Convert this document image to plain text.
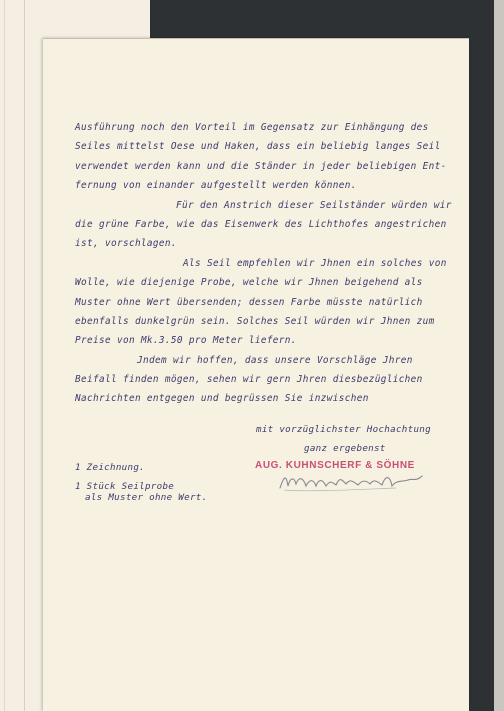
Ausführung noch den Vorteil im Gegensatz zur Einhängung des
Seiles mittelst Oese und Haken, dass ein beliebig langes Seil
verwendet werden kann und die Ständer in jeder beliebigen Ent-
fernung von einander aufgestellt werden können.
Für den Anstrich dieser Seilständer würden wir
die grüne Farbe, wie das Eisenwerk des Lichthofes angestrichen
ist, vorschlagen.
Als Seil empfehlen wir Jhnen ein solches von
Wolle, wie diejenige Probe, welche wir Jhnen beigehend als
Muster ohne Wert übersenden; dessen Farbe müsste natürlich
ebenfalls dunkelgrün sein. Solches Seil würden wir Jhnen zum
Preise von Mk.3.50 pro Meter liefern.
Jndem wir hoffen, dass unsere Vorschläge Jhren
Beifall finden mögen, sehen wir gern Jhren diesbezüglichen
Nachrichten entgegen und begrüssen Sie inzwischen
mit vorzüglichster Hochachtung
ganz ergebenst
1 Zeichnung.
1 Stück Seilprobe
als Muster ohne Wert.
AUG. KUHNSCHERF & SÖHNE
